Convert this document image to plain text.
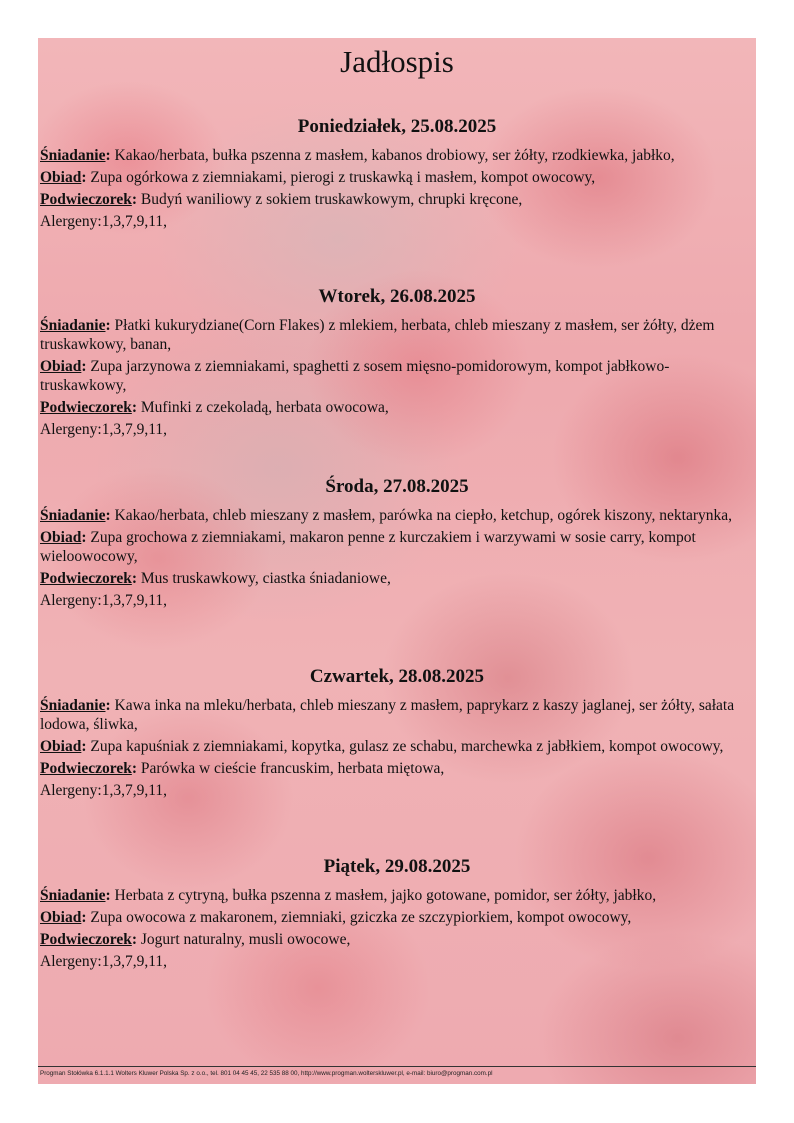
Jadłospis
Poniedziałek, 25.08.2025
Śniadanie: Kakao/herbata, bułka pszenna z masłem, kabanos drobiowy, ser żółty, rzodkiewka, jabłko,
Obiad: Zupa ogórkowa z ziemniakami, pierogi z truskawką i masłem, kompot owocowy,
Podwieczorek: Budyń waniliowy z sokiem truskawkowym, chrupki kręcone,
Alergeny:1,3,7,9,11,
Wtorek, 26.08.2025
Śniadanie: Płatki kukurydziane(Corn Flakes) z mlekiem, herbata, chleb mieszany z masłem, ser żółty, dżem truskawkowy, banan,
Obiad: Zupa jarzynowa z ziemniakami, spaghetti z sosem mięsno-pomidorowym, kompot jabłkowo-truskawkowy,
Podwieczorek: Mufinki z czekoladą, herbata owocowa,
Alergeny:1,3,7,9,11,
Środa, 27.08.2025
Śniadanie: Kakao/herbata, chleb mieszany z masłem, parówka na ciepło, ketchup, ogórek kiszony, nektarynka,
Obiad: Zupa grochowa z ziemniakami, makaron penne z kurczakiem i warzywami w sosie carry, kompot wieloowocowy,
Podwieczorek: Mus truskawkowy, ciastka śniadaniowe,
Alergeny:1,3,7,9,11,
Czwartek, 28.08.2025
Śniadanie: Kawa inka na mleku/herbata, chleb mieszany z masłem, paprykarz z kaszy jaglanej, ser żółty, sałata lodowa, śliwka,
Obiad: Zupa kapuśniak z ziemniakami, kopytka, gulasz ze schabu, marchewka z jabłkiem, kompot owocowy,
Podwieczorek: Parówka w cieście francuskim, herbata miętowa,
Alergeny:1,3,7,9,11,
Piątek, 29.08.2025
Śniadanie: Herbata z cytryną, bułka pszenna z masłem, jajko gotowane, pomidor, ser żółty, jabłko,
Obiad: Zupa owocowa z makaronem, ziemniaki, gziczka ze szczypiorkiem, kompot owocowy,
Podwieczorek: Jogurt naturalny, musli owocowe,
Alergeny:1,3,7,9,11,
Progman Stołówka 6.1.1.1 Wolters Kluwer Polska Sp. z o.o., tel. 801 04 45 45, 22 535 88 00, http://www.progman.wolterskluwer.pl, e-mail: biuro@progman.com.pl
